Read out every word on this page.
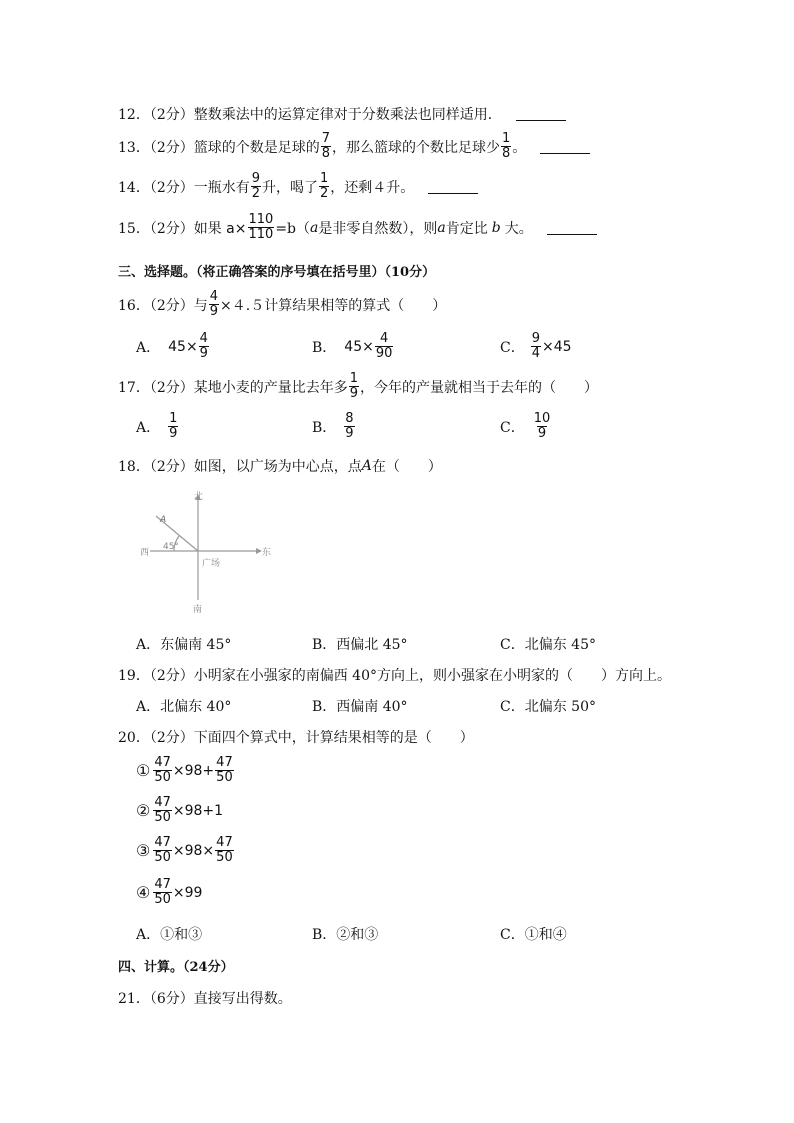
12．（2分） 整数乘法中的运算定律对于分数乘法也同样适用．
13．（2分） 篮球的个数是足球的 $\frac{7}{8}$ ，那么篮球的个数比足球少 $\frac{1}{8}$ 。
14．（2分） 一瓶水有 $\frac{9}{2}$ 升，喝了 $\frac{1}{2}$ ，还剩４升。
15．（2分） 如果 $a\times \frac{110}{110} =b$（ a 是非零自然数），则 a 肯定比 b 大。
三、选择题。（将正确答案的序号填在括号里）（10分）
16．（2分） 与 $\frac{4}{9} \times 4.5$计算结果相等的算式（　　）
A． $45\times \frac{4}{9}$	B． $45\times \frac{4}{90}$	C． $\frac{9}{4} \times 45$
17．（2分） 某地小麦的产量比去年多 $\frac{1}{9}$ ，今年的产量就相当于去年的（　　）
A． $\frac{1}{9}$	B． $\frac{8}{9}$	C． $\frac{10}{9}$
18．（2分） 如图，以广场为中心点，点 A 在（　　）
北
南
东
西
A
45°
广场
A．东偏南 45°	B．西偏北 45°	C．北偏东 45°
19．（2分） 小明家在小强家的南偏西 40°方向上，则小强家在小明家的（　　）方向上。
A．北偏东 40°	B．西偏南 40°	C．北偏东 50°
20．（2分） 下面四个算式中，计算结果相等的是（　　）
① $\frac{47}{50} \times 98+ \frac{47}{50}$
② $\frac{47}{50} \times 98+1$
③ $\frac{47}{50} \times 98\times \frac{47}{50}$
④ $\frac{47}{50} \times 99$
A．①和③	B．②和③	C．①和④
四、计算。（24分）
21．（6分） 直接写出得数。
